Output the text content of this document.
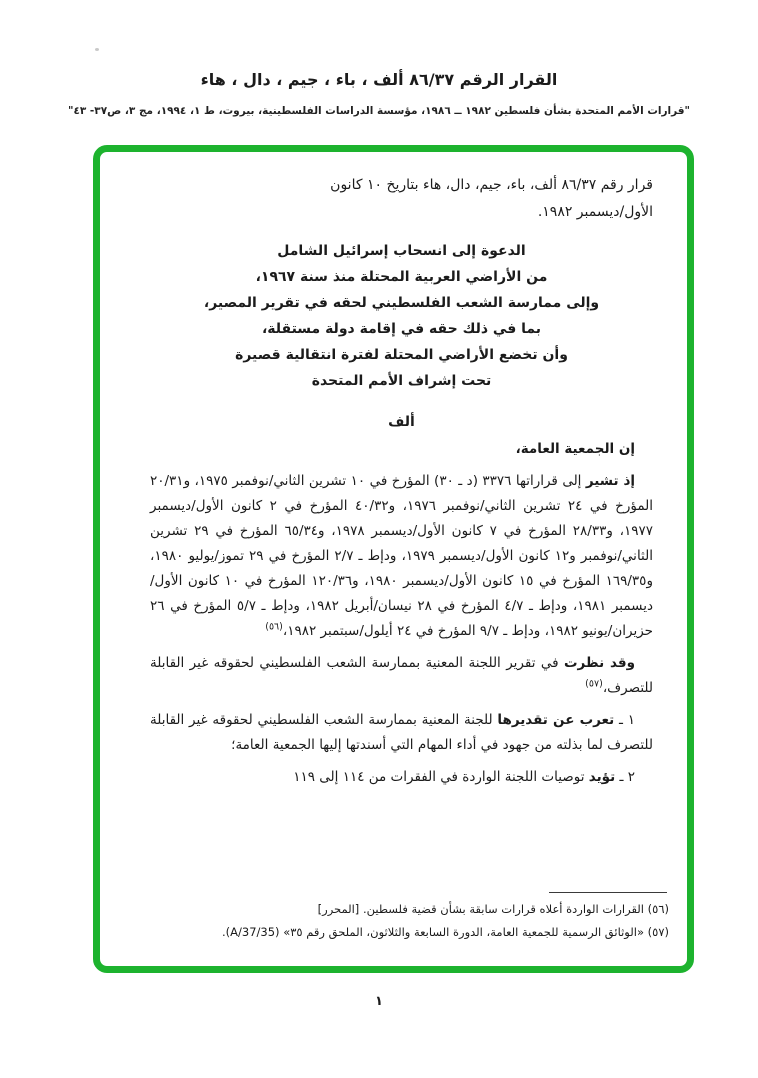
القرار الرقم ٨٦/٣٧ ألف ، باء ، جيم ، دال ، هاء
"قرارات الأمم المتحدة بشأن فلسطين ١٩٨٢ ــ ١٩٨٦، مؤسسة الدراسات الفلسطينية، بيروت، ط ١، ١٩٩٤، مج ٣، ص٣٧- ٤٣"
قرار رقم ٨٦/٣٧ ألف، باء، جيم، دال، هاء بتاريخ ١٠ كانون
الأول/ديسمبر ١٩٨٢.
الدعوة إلى انسحاب إسرائيل الشامل
من الأراضي العربية المحتلة منذ سنة ١٩٦٧،
وإلى ممارسة الشعب الفلسطيني لحقه في تقرير المصير،
بما في ذلك حقه في إقامة دولة مستقلة،
وأن تخضع الأراضي المحتلة لفترة انتقالية قصيرة
تحت إشراف الأمم المتحدة
ألف

إن الجمعية العامة،

إذ تشير إلى قراراتها ٣٣٧٦ (د ـ ٣٠) المؤرخ في ١٠ تشرين الثاني/نوفمبر ١٩٧٥، و٢٠/٣١ المؤرخ في ٢٤ تشرين الثاني/نوفمبر ١٩٧٦، و٤٠/٣٢ المؤرخ في ٢ كانون الأول/ديسمبر ١٩٧٧، و٢٨/٣٣ المؤرخ في ٧ كانون الأول/ديسمبر ١٩٧٨، و٦٥/٣٤ المؤرخ في ٢٩ تشرين الثاني/نوفمبر و١٢ كانون الأول/ديسمبر ١٩٧٩، ودإط ـ ٢/٧ المؤرخ في ٢٩ تموز/يوليو ١٩٨٠، و١٦٩/٣٥ المؤرخ في ١٥ كانون الأول/ديسمبر ١٩٨٠، و١٢٠/٣٦ المؤرخ في ١٠ كانون الأول/ديسمبر ١٩٨١، ودإط ـ ٤/٧ المؤرخ في ٢٨ نيسان/أبريل ١٩٨٢، ودإط ـ ٥/٧ المؤرخ في ٢٦ حزيران/يونيو ١٩٨٢، ودإط ـ ٩/٧ المؤرخ في ٢٤ أيلول/سبتمبر ١٩٨٢،$^{(٥٦)}$

وقد نظرت في تقرير اللجنة المعنية بممارسة الشعب الفلسطيني لحقوقه غير القابلة للتصرف،$^{(٥٧)}$

١ ـ تعرب عن تقديرها للجنة المعنية بممارسة الشعب الفلسطيني لحقوقه غير القابلة للتصرف لما بذلته من جهود في أداء المهام التي أسندتها إليها الجمعية العامة؛

٢ ـ تؤيد توصيات اللجنة الواردة في الفقرات من ١١٤ إلى ١١٩

(٥٦) القرارات الواردة أعلاه قرارات سابقة بشأن قضية فلسطين. [المحرر]

(٥٧) «الوثائق الرسمية للجمعية العامة، الدورة السابعة والثلاثون، الملحق رقم ٣٥» (A/37/35).

١
